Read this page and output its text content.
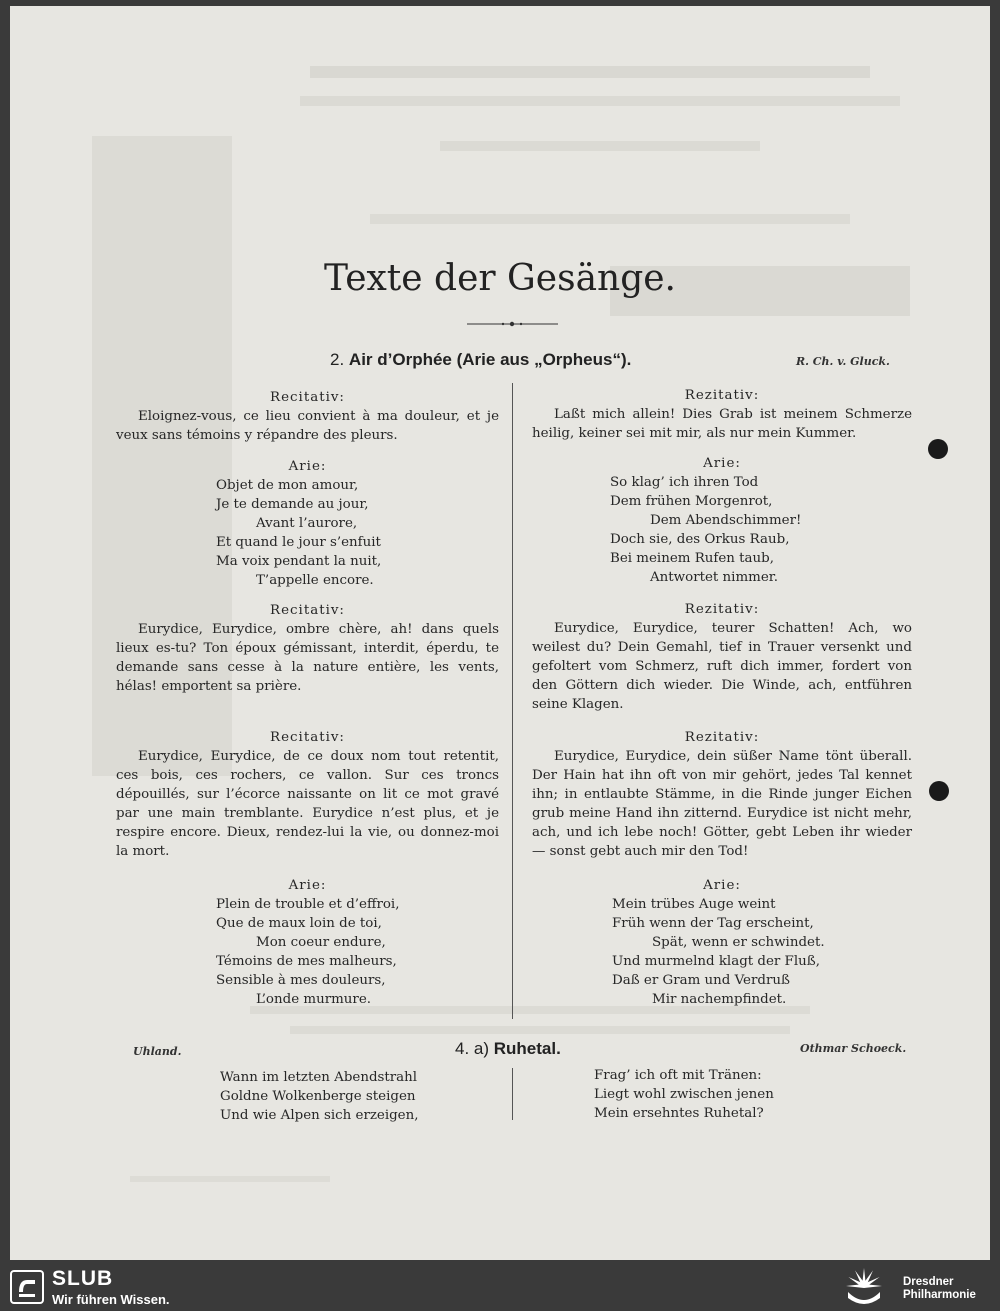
Texte der Gesänge.
2. Air d’Orphée (Arie aus „Orpheus“).	R. Ch. v. Gluck.
Recitativ:
Eloignez-vous, ce lieu convient à ma douleur, et je veux sans témoins y répandre des pleurs.
Arie:
Objet de mon amour,
Je te demande au jour,
Avant l’aurore,
Et quand le jour s’enfuit
Ma voix pendant la nuit,
T’appelle encore.
Recitativ:
Eurydice, Eurydice, ombre chère, ah! dans quels lieux es-tu? Ton époux gémissant, interdit, éperdu, te demande sans cesse à la nature entière, les vents, hélas! emportent sa prière.
Recitativ:
Eurydice, Eurydice, de ce doux nom tout retentit, ces bois, ces rochers, ce vallon. Sur ces troncs dépouillés, sur l’écorce naissante on lit ce mot gravé par une main tremblante. Eurydice n’est plus, et je respire encore. Dieux, rendez-lui la vie, ou donnez-moi la mort.
Arie:
Plein de trouble et d’effroi,
Que de maux loin de toi,
Mon coeur endure,
Témoins de mes malheurs,
Sensible à mes douleurs,
L’onde murmure.
Rezitativ:
Laßt mich allein! Dies Grab ist meinem Schmerze heilig, keiner sei mit mir, als nur mein Kummer.
Arie:
So klag’ ich ihren Tod
Dem frühen Morgenrot,
Dem Abendschimmer!
Doch sie, des Orkus Raub,
Bei meinem Rufen taub,
Antwortet nimmer.
Rezitativ:
Eurydice, Eurydice, teurer Schatten! Ach, wo weilest du? Dein Gemahl, tief in Trauer versenkt und gefoltert vom Schmerz, ruft dich immer, fordert von den Göttern dich wieder. Die Winde, ach, entführen seine Klagen.
Rezitativ:
Eurydice, Eurydice, dein süßer Name tönt überall. Der Hain hat ihn oft von mir gehört, jedes Tal kennet ihn; in entlaubte Stämme, in die Rinde junger Eichen grub meine Hand ihn zitternd. Eurydice ist nicht mehr, ach, und ich lebe noch! Götter, gebt Leben ihr wieder — sonst gebt auch mir den Tod!
Arie:
Mein trübes Auge weint
Früh wenn der Tag erscheint,
Spät, wenn er schwindet.
Und murmelnd klagt der Fluß,
Daß er Gram und Verdruß
Mir nachempfindet.
Uhland.	4. a) Ruhetal.	Othmar Schoeck.
Wann im letzten Abendstrahl
Goldne Wolkenberge steigen
Und wie Alpen sich erzeigen,
Frag’ ich oft mit Tränen:
Liegt wohl zwischen jenen
Mein ersehntes Ruhetal?
SLUB
Wir führen Wissen.
Dresdner
Philharmonie
